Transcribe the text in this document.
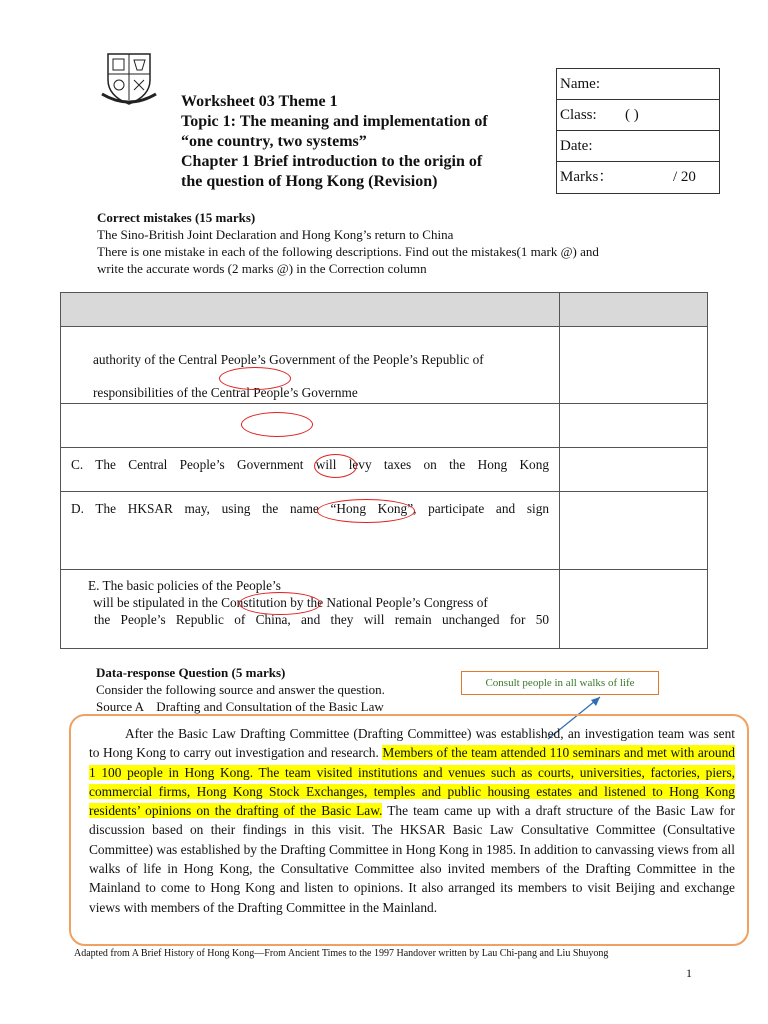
Worksheet 03 Theme 1
Topic 1: The meaning and implementation of
“one country, two systems”
Chapter 1 Brief introduction to the origin of
the question of Hong Kong (Revision)
Name:
Class: ( )
Date:
Marks：	/ 20
Correct mistakes (15 marks)
The Sino-British Joint Declaration and Hong Kong’s return to China
There is one mistake in each of the following descriptions. Find out the mistakes(1 mark @) and
write the accurate words (2 marks @) in the Correction column

authority of the Central People’s Government of the People’s Republic of
responsibilities of the Central People’s Governme	

C. The Central People’s Government will levy taxes on the Hong Kong	

D. The HKSAR may, using the name “Hong Kong”, participate and sign	

E. The basic policies of the People’s
will be stipulated in the Constitution by the National People’s Congress of
the People’s Republic of China, and they will remain unchanged for 50	

Data-response Question (5 marks)
Consider the following source and answer the question.
Source A    Drafting and Consultation of the Basic Law
Consult people in all walks of life

After the Basic Law Drafting Committee (Drafting Committee) was established, an investigation team was sent to Hong Kong to carry out investigation and research. Members of the team attended 110 seminars and met with around 1 100 people in Hong Kong. The team visited institutions and venues such as courts, universities, factories, piers, commercial firms, Hong Kong Stock Exchanges, temples and public housing estates and listened to Hong Kong residents’ opinions on the drafting of the Basic Law. The team came up with a draft structure of the Basic Law for discussion based on their findings in this visit. The HKSAR Basic Law Consultative Committee (Consultative Committee) was established by the Drafting Committee in Hong Kong in 1985. In addition to canvassing views from all walks of life in Hong Kong, the Consultative Committee also invited members of the Drafting Committee in the Mainland to come to Hong Kong and listen to opinions. It also arranged its members to visit Beijing and exchange views with members of the Drafting Committee in the Mainland.

Adapted from A Brief History of Hong Kong—From Ancient Times to the 1997 Handover written by Lau Chi-pang and Liu Shuyong
1
